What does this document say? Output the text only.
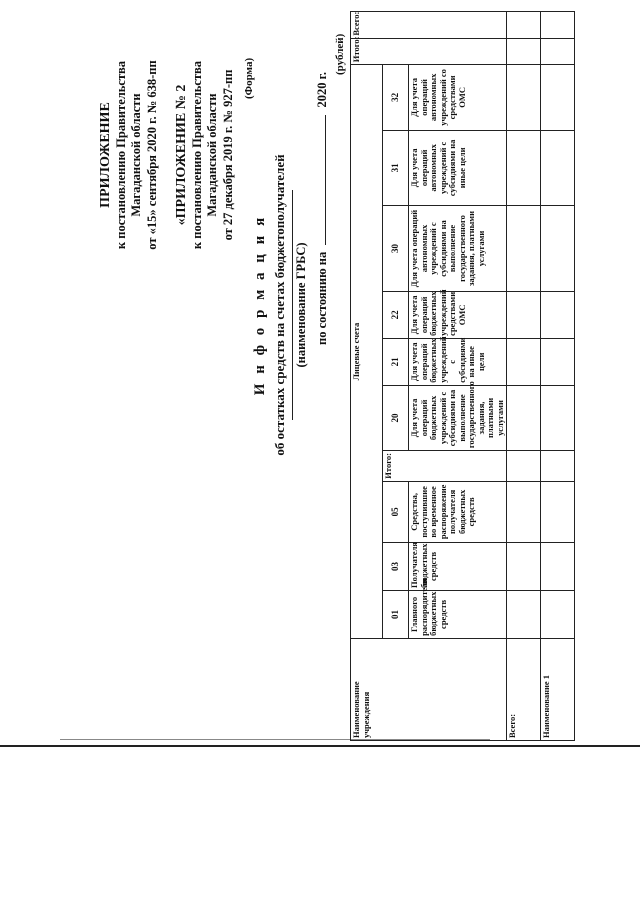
ПРИЛОЖЕНИЕ к постановлению Правительства Магаданской области от «15» сентября 2020 г. № 638-пп «ПРИЛОЖЕНИЕ № 2 к постановлению Правительства Магаданской области от 27 декабря 2019 г. № 927-пп (Форма)
И н ф о р м а ц и я об остатках средств на счетах бюджетополучателей (наименование ГРБС) по состоянию на  2020 г.
(рублей)
Наименование учреждения	Лицевые счета										Итого:	Всего:
	01	03	05	Итого:	20	21	22	30	31	32		
	Главного распорядителя бюджетных средств	Получателя бюджетных средств	Средства, поступившие во временное распоряжение получателя бюджетных средств		Для учета операций бюджетных учреждений с субсидиями на выполнение государственного задания, платными услугами	Для учета операций бюджетных учреждений с субсидиями на иные цели	Для учета операций бюджетных учреждений средствами ОМС	Для учета операций автономных учреждений с субсидиями на выполнение государственного задания, платными услугами	Для учета операций автономных учреждений с субсидиями на иные цели	Для учета операций автономных учреждений со средствами ОМС		
Всего:												
Наименование 1												
